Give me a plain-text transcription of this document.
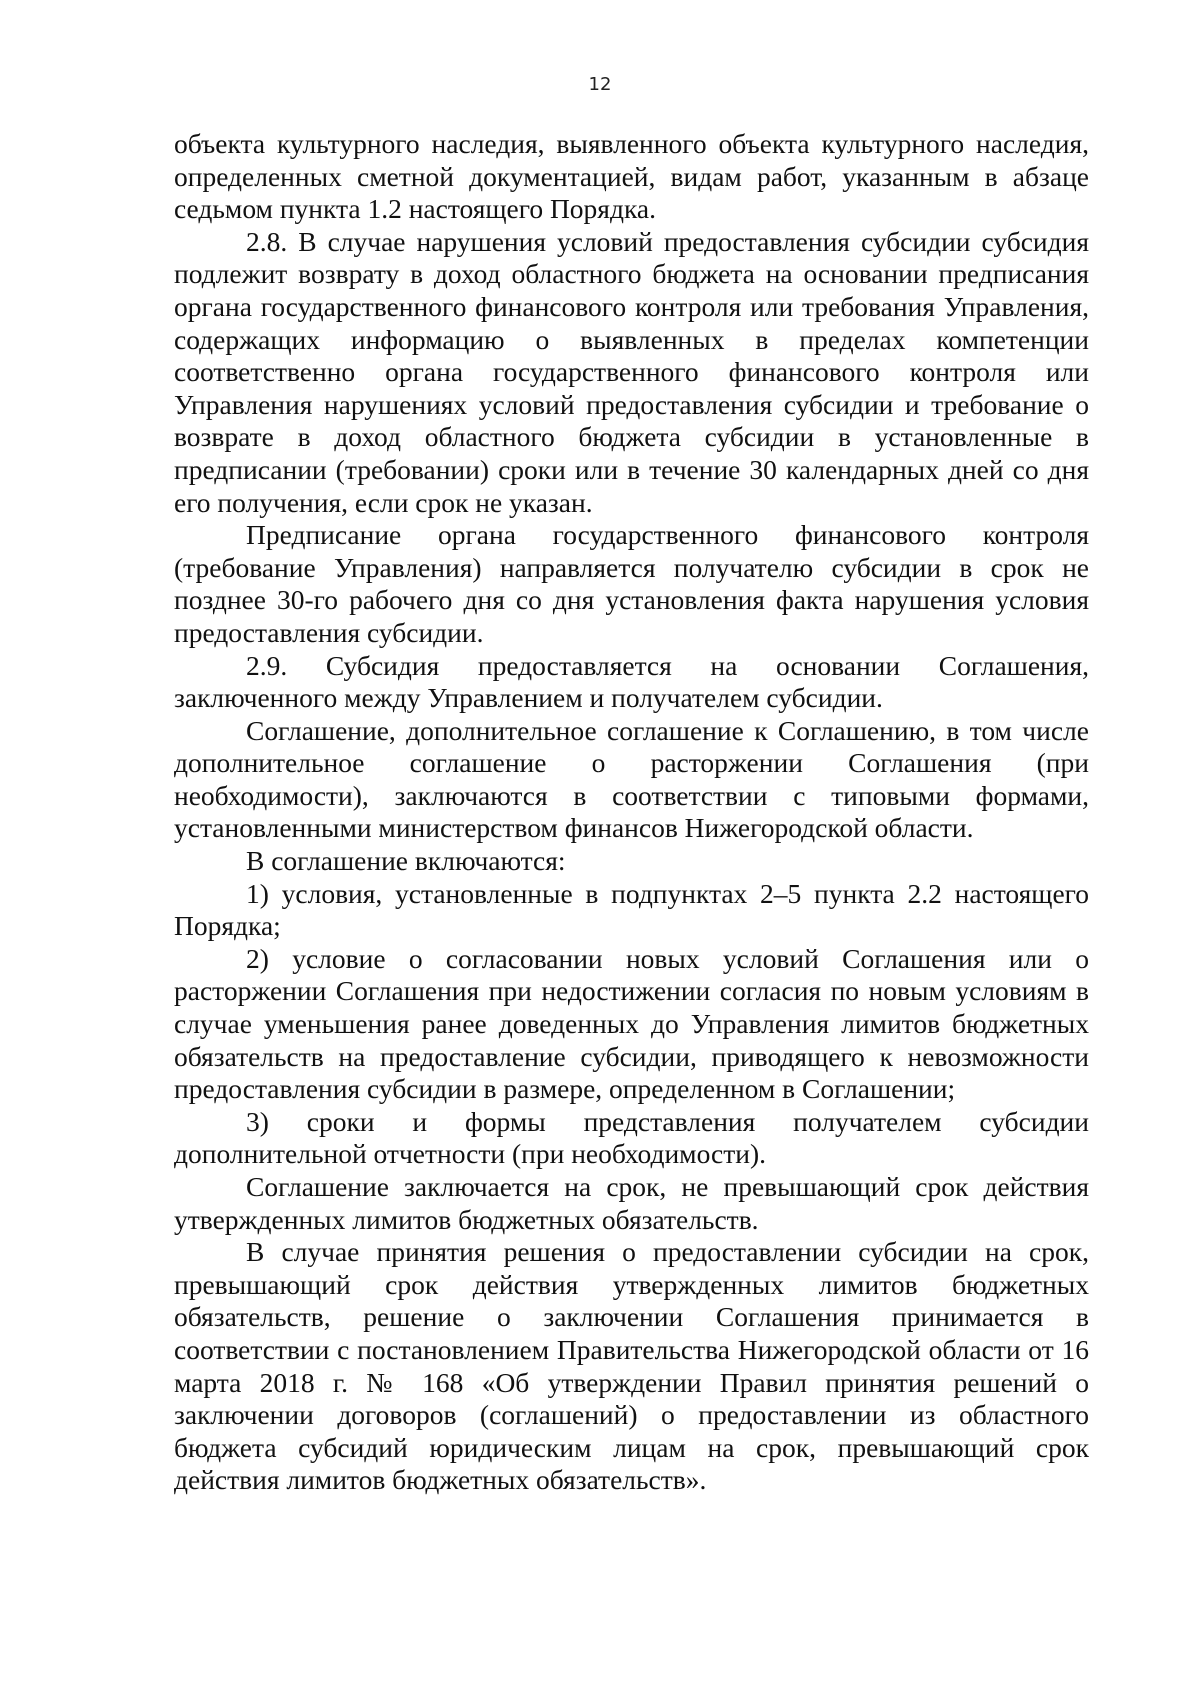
12

объекта культурного наследия, выявленного объекта культурного наследия, определенных сметной документацией, видам работ, указанным в абзаце седьмом пункта 1.2 настоящего Порядка.

2.8. В случае нарушения условий предоставления субсидии субсидия подлежит возврату в доход областного бюджета на основании предписания органа государственного финансового контроля или требования Управления, содержащих информацию о выявленных в пределах компетенции соответственно органа государственного финансового контроля или Управления нарушениях условий предоставления субсидии и требование о возврате в доход областного бюджета субсидии в установленные в предписании (требовании) сроки или в течение 30 календарных дней со дня его получения, если срок не указан.

Предписание органа государственного финансового контроля (требование Управления) направляется получателю субсидии в срок не позднее 30-го рабочего дня со дня установления факта нарушения условия предоставления субсидии.

2.9. Субсидия предоставляется на основании Соглашения, заключенного между Управлением и получателем субсидии.

Соглашение, дополнительное соглашение к Соглашению, в том числе дополнительное соглашение о расторжении Соглашения (при необходимости), заключаются в соответствии с типовыми формами, установленными министерством финансов Нижегородской области.

В соглашение включаются:

1) условия, установленные в подпунктах 2–5 пункта 2.2 настоящего Порядка;

2) условие о согласовании новых условий Соглашения или о расторжении Соглашения при недостижении согласия по новым условиям в случае уменьшения ранее доведенных до Управления лимитов бюджетных обязательств на предоставление субсидии, приводящего к невозможности предоставления субсидии в размере, определенном в Соглашении;

3) сроки и формы представления получателем субсидии дополнительной отчетности (при необходимости).

Соглашение заключается на срок, не превышающий срок действия утвержденных лимитов бюджетных обязательств.

В случае принятия решения о предоставлении субсидии на срок, превышающий срок действия утвержденных лимитов бюджетных обязательств, решение о заключении Соглашения принимается в соответствии с постановлением Правительства Нижегородской области от 16 марта 2018 г. № 168 «Об утверждении Правил принятия решений о заключении договоров (соглашений) о предоставлении из областного бюджета субсидий юридическим лицам на срок, превышающий срок действия лимитов бюджетных обязательств».
